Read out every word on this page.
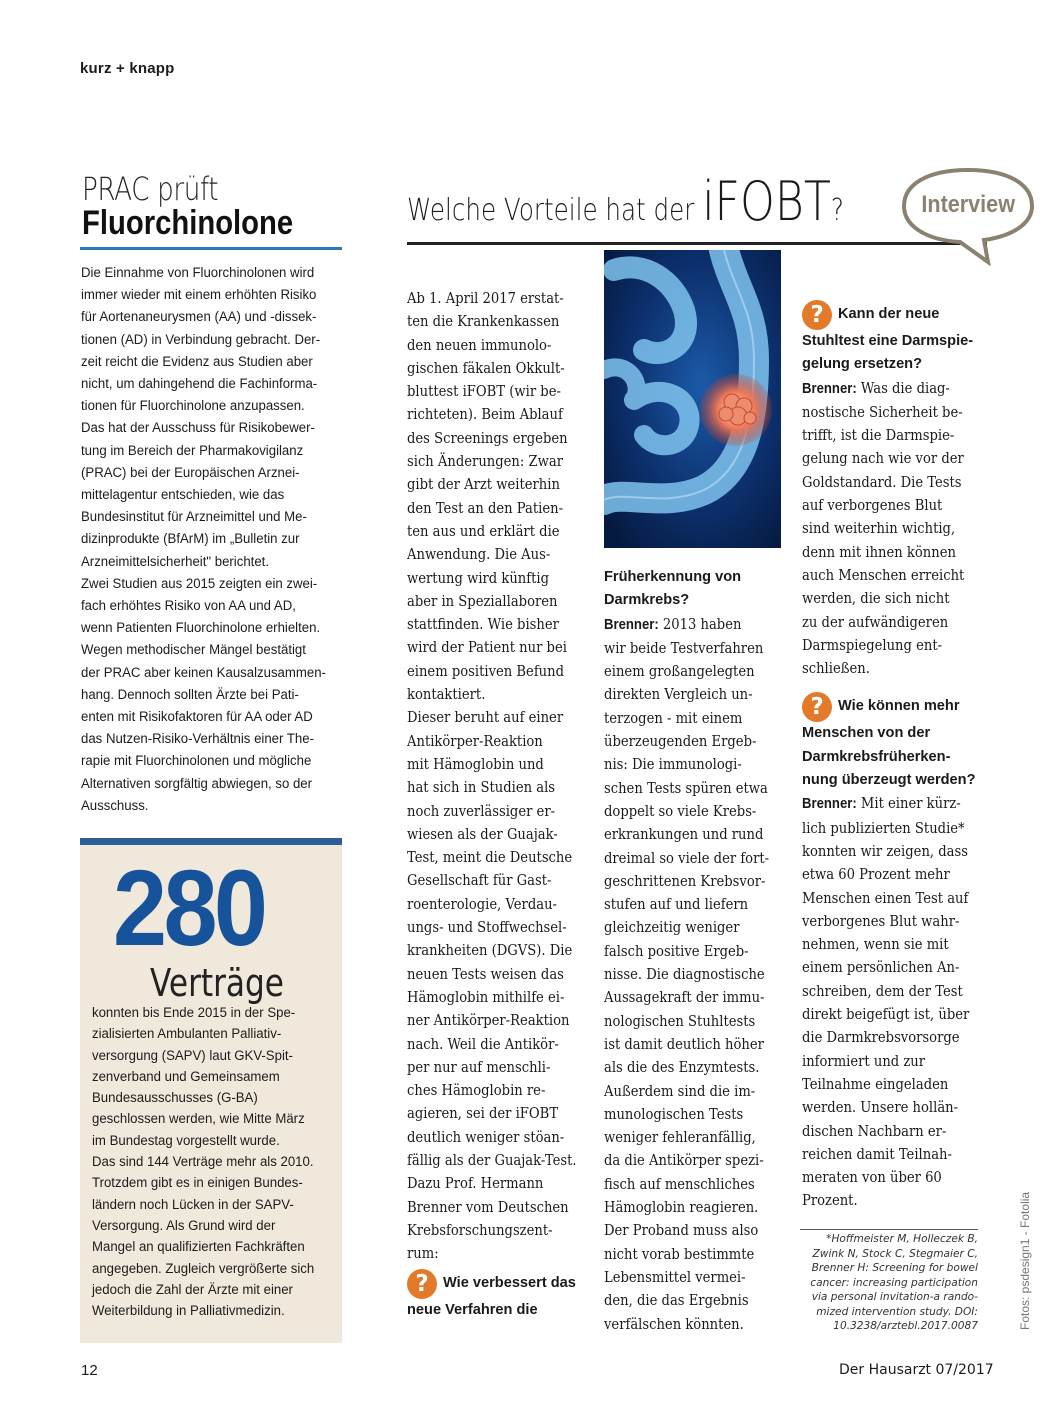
kurz + knapp
PRAC prüft
Fluorchinolone
Die Einnahme von Fluorchinolonen wird
immer wieder mit einem erhöhten Risiko
für Aortenaneurysmen (AA) und -dissek-
tionen (AD) in Verbindung gebracht. Der-
zeit reicht die Evidenz aus Studien aber
nicht, um dahingehend die Fachinforma-
tionen für Fluorchinolone anzupassen.
Das hat der Ausschuss für Risikobewer-
tung im Bereich der Pharmakovigilanz
(PRAC) bei der Europäischen Arznei-
mittelagentur entschieden, wie das
Bundesinstitut für Arzneimittel und Me-
dizinprodukte (BfArM) im „Bulletin zur
Arzneimittelsicherheit" berichtet.
Zwei Studien aus 2015 zeigten ein zwei-
fach erhöhtes Risiko von AA und AD,
wenn Patienten Fluorchinolone erhielten.
Wegen methodischer Mängel bestätigt
der PRAC aber keinen Kausalzusammen-
hang. Dennoch sollten Ärzte bei Pati-
enten mit Risikofaktoren für AA oder AD
das Nutzen-Risiko-Verhältnis einer The-
rapie mit Fluorchinolonen und mögliche
Alternativen sorgfältig abwiegen, so der
Ausschuss.
280
Verträge
konnten bis Ende 2015 in der Spe-
zialisierten Ambulanten Palliativ-
versorgung (SAPV) laut GKV-Spit-
zenverband und Gemeinsamem
Bundesausschusses (G-BA)
geschlossen werden, wie Mitte März
im Bundestag vorgestellt wurde.
Das sind 144 Verträge mehr als 2010.
Trotzdem gibt es in einigen Bundes-
ländern noch Lücken in der SAPV-
Versorgung. Als Grund wird der
Mangel an qualifizierten Fachkräften
angegeben. Zugleich vergrößerte sich
jedoch die Zahl der Ärzte mit einer
Weiterbildung in Palliativmedizin.
Welche Vorteile hat der iFOBT?	Interview
Ab 1. April 2017 erstat-
ten die Krankenkassen
den neuen immunolo-
gischen fäkalen Okkult-
bluttest iFOBT (wir be-
richteten). Beim Ablauf
des Screenings ergeben
sich Änderungen: Zwar
gibt der Arzt weiterhin
den Test an den Patien-
ten aus und erklärt die
Anwendung. Die Aus-
wertung wird künftig
aber in Speziallaboren
stattfinden. Wie bisher
wird der Patient nur bei
einem positiven Befund
kontaktiert.
Dieser beruht auf einer
Antikörper-Reaktion
mit Hämoglobin und
hat sich in Studien als
noch zuverlässiger er-
wiesen als der Guajak-
Test, meint die Deutsche
Gesellschaft für Gast-
roenterologie, Verdau-
ungs- und Stoffwechsel-
krankheiten (DGVS). Die
neuen Tests weisen das
Hämoglobin mithilfe ei-
ner Antikörper-Reaktion
nach. Weil die Antikör-
per nur auf menschli-
ches Hämoglobin re-
agieren, sei der iFOBT
deutlich weniger stöan-
fällig als der Guajak-Test.
Dazu Prof. Hermann
Brenner vom Deutschen
Krebsforschungszent-
rum:
? Wie verbessert das
neue Verfahren die
Früherkennung von
Darmkrebs?
Brenner: 2013 haben
wir beide Testverfahren
einem großangelegten
direkten Vergleich un-
terzogen - mit einem
überzeugenden Ergeb-
nis: Die immunologi-
schen Tests spüren etwa
doppelt so viele Krebs-
erkrankungen und rund
dreimal so viele der fort-
geschrittenen Krebsvor-
stufen auf und liefern
gleichzeitig weniger
falsch positive Ergeb-
nisse. Die diagnostische
Aussagekraft der immu-
nologischen Stuhltests
ist damit deutlich höher
als die des Enzymtests.
Außerdem sind die im-
munologischen Tests
weniger fehleranfällig,
da die Antikörper spezi-
fisch auf menschliches
Hämoglobin reagieren.
Der Proband muss also
nicht vorab bestimmte
Lebensmittel vermei-
den, die das Ergebnis
verfälschen könnten.
? Kann der neue
Stuhltest eine Darmspie-
gelung ersetzen?
Brenner: Was die diag-
nostische Sicherheit be-
trifft, ist die Darmspie-
gelung nach wie vor der
Goldstandard. Die Tests
auf verborgenes Blut
sind weiterhin wichtig,
denn mit ihnen können
auch Menschen erreicht
werden, die sich nicht
zu der aufwändigeren
Darmspiegelung ent-
schließen.
? Wie können mehr
Menschen von der
Darmkrebsfrüherken-
nung überzeugt werden?
Brenner: Mit einer kürz-
lich publizierten Studie*
konnten wir zeigen, dass
etwa 60 Prozent mehr
Menschen einen Test auf
verborgenes Blut wahr-
nehmen, wenn sie mit
einem persönlichen An-
schreiben, dem der Test
direkt beigefügt ist, über
die Darmkrebsvorsorge
informiert und zur
Teilnahme eingeladen
werden. Unsere hollän-
dischen Nachbarn er-
reichen damit Teilnah-
meraten von über 60
Prozent.
*Hoffmeister M, Holleczek B,
Zwink N, Stock C, Stegmaier C,
Brenner H: Screening for bowel
cancer: increasing participation
via personal invitation-a rando-
mized intervention study. DOI:
10.3238/arztebl.2017.0087	Fotos: psdesign1 - Fotolia
12	Der Hausarzt 07/2017
